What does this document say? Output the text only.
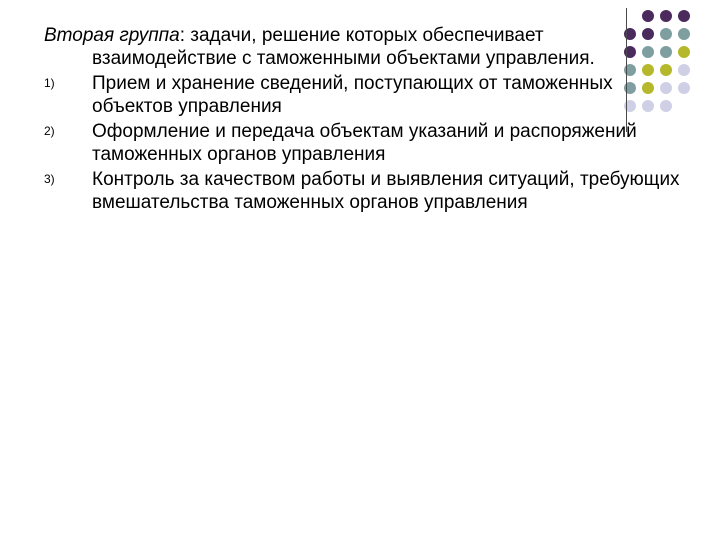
Вторая группа: задачи, решение которых обеспечивает взаимодействие с таможенными объектами управления.

1) Прием и хранение сведений, поступающих от таможенных объектов управления
2) Оформление и передача объектам указаний и распоряжений таможенных органов управления
3) Контроль за качеством работы и выявления ситуаций, требующих вмешательства таможенных органов управления
